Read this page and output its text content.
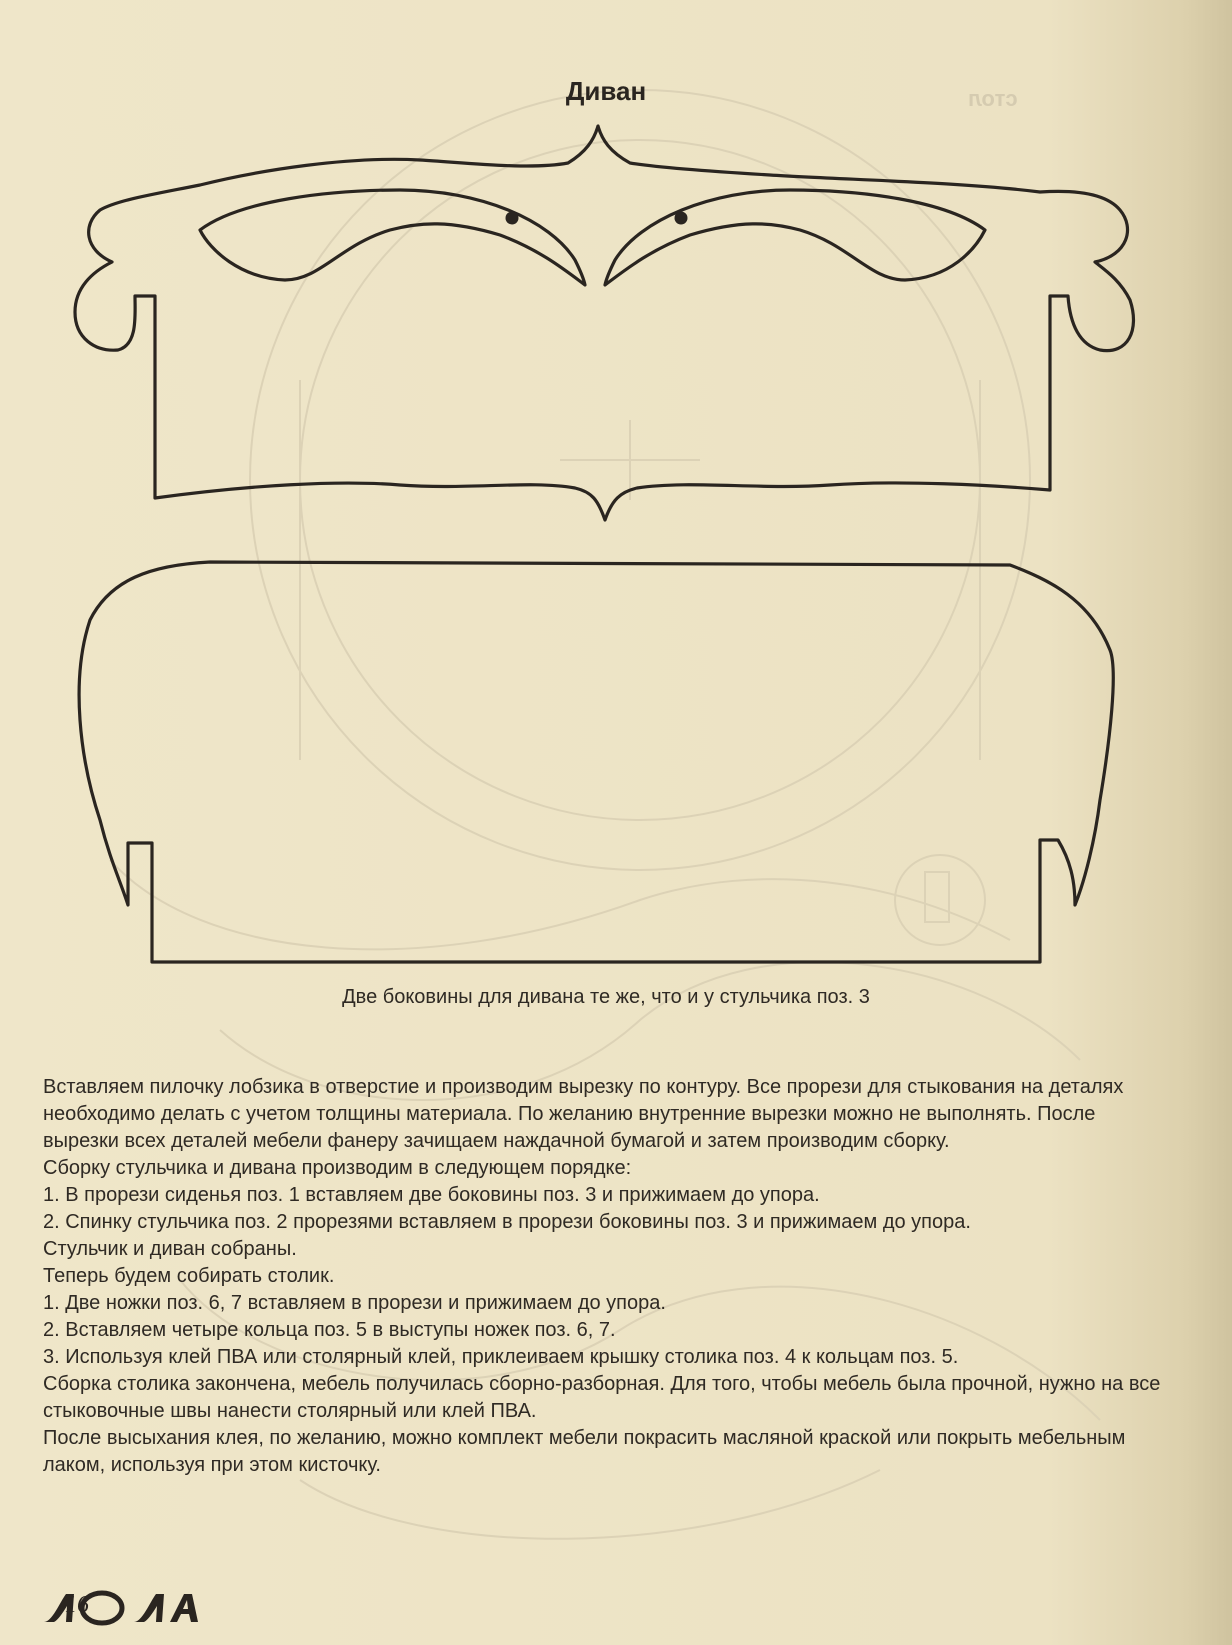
стол
Диван
Две боковины для дивана те же, что и у стульчика поз. 3

Вставляем пилочку лобзика в отверстие и производим вырезку по контуру. Все прорези для стыкования на деталях необходимо делать с учетом толщины материала. По желанию внутренние вырезки можно не выполнять. После вырезки всех деталей мебели фанеру зачищаем наждачной бумагой и затем производим сборку.

Сборку стульчика и дивана производим в следующем порядке:

1. В прорези сиденья поз. 1 вставляем две боковины поз. 3 и прижимаем до упора.

2. Спинку стульчика поз. 2 прорезями вставляем в прорези боковины поз. 3 и прижимаем до упора.

Стульчик и диван собраны.

Теперь будем собирать столик.

1. Две ножки поз. 6, 7 вставляем в прорези и прижимаем до упора.

2. Вставляем четыре кольца поз. 5 в выступы ножек поз. 6, 7.

3. Используя клей ПВА или столярный клей, приклеиваем крышку столика поз. 4 к кольцам поз. 5.

Сборка столика закончена, мебель получилась сборно-разборная. Для того, чтобы мебель была прочной, нужно на все стыковочные швы нанести столярный или клей ПВА.

После высыхания клея, по желанию, можно комплект мебели покрасить масляной краской или покрыть мебельным лаком, используя при этом кисточку.

16
